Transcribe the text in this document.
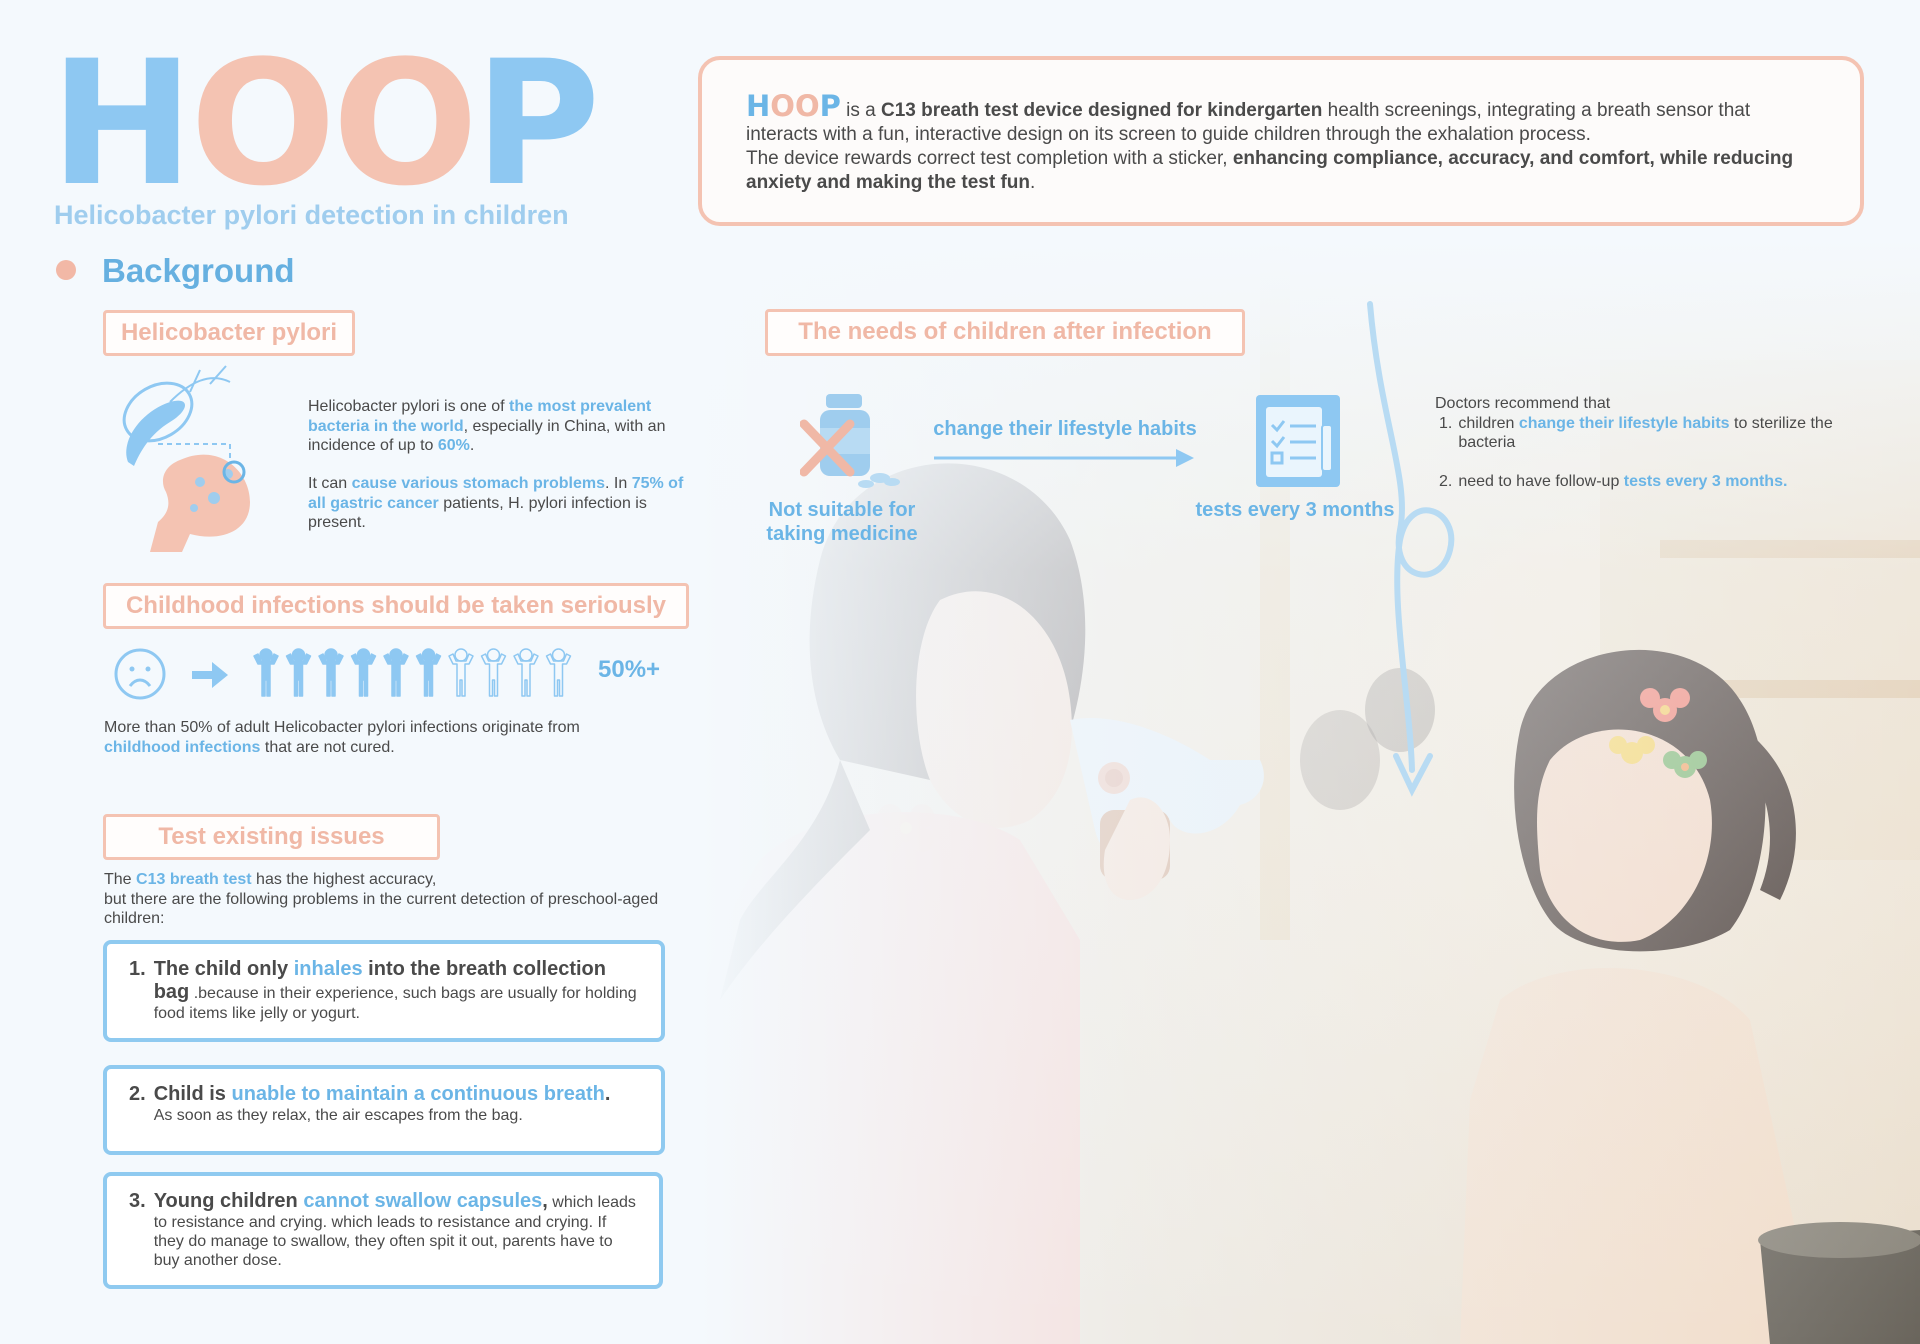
HOOP
Helicobacter pylori detection in children
HOOP is a C13 breath test device designed for kindergarten health screenings, integrating a breath sensor that interacts with a fun, interactive design on its screen to guide children through the exhalation process.
The device rewards correct test completion with a sticker, enhancing compliance, accuracy, and comfort, while reducing anxiety and making the test fun.
Background
Helicobacter pylori
Helicobacter pylori is one of the most prevalent bacteria in the world, especially in China, with an incidence of up to 60%.
It can cause various stomach problems. In 75% of all gastric cancer patients, H. pylori infection is present.
Childhood infections should be taken seriously
50%+
More than 50% of adult Helicobacter pylori infections originate from childhood infections that are not cured.
Test existing issues
The C13 breath test has the highest accuracy,
but there are the following problems in the current detection of preschool-aged children:
1. The child only inhales into the breath collection bag .because in their experience, such bags are usually for holding food items like jelly or yogurt.
2. Child is unable to maintain a continuous breath.
As soon as they relax, the air escapes from the bag.
3. Young children cannot swallow capsules, which leads to resistance and crying. which leads to resistance and crying. If they do manage to swallow, they often spit it out, parents have to buy another dose.
The needs of children after infection
Not suitable for taking medicine
change their lifestyle habits
tests every 3 months
Doctors recommend that
1. children change their lifestyle habits to sterilize the bacteria
2. need to have follow-up tests every 3 months.
